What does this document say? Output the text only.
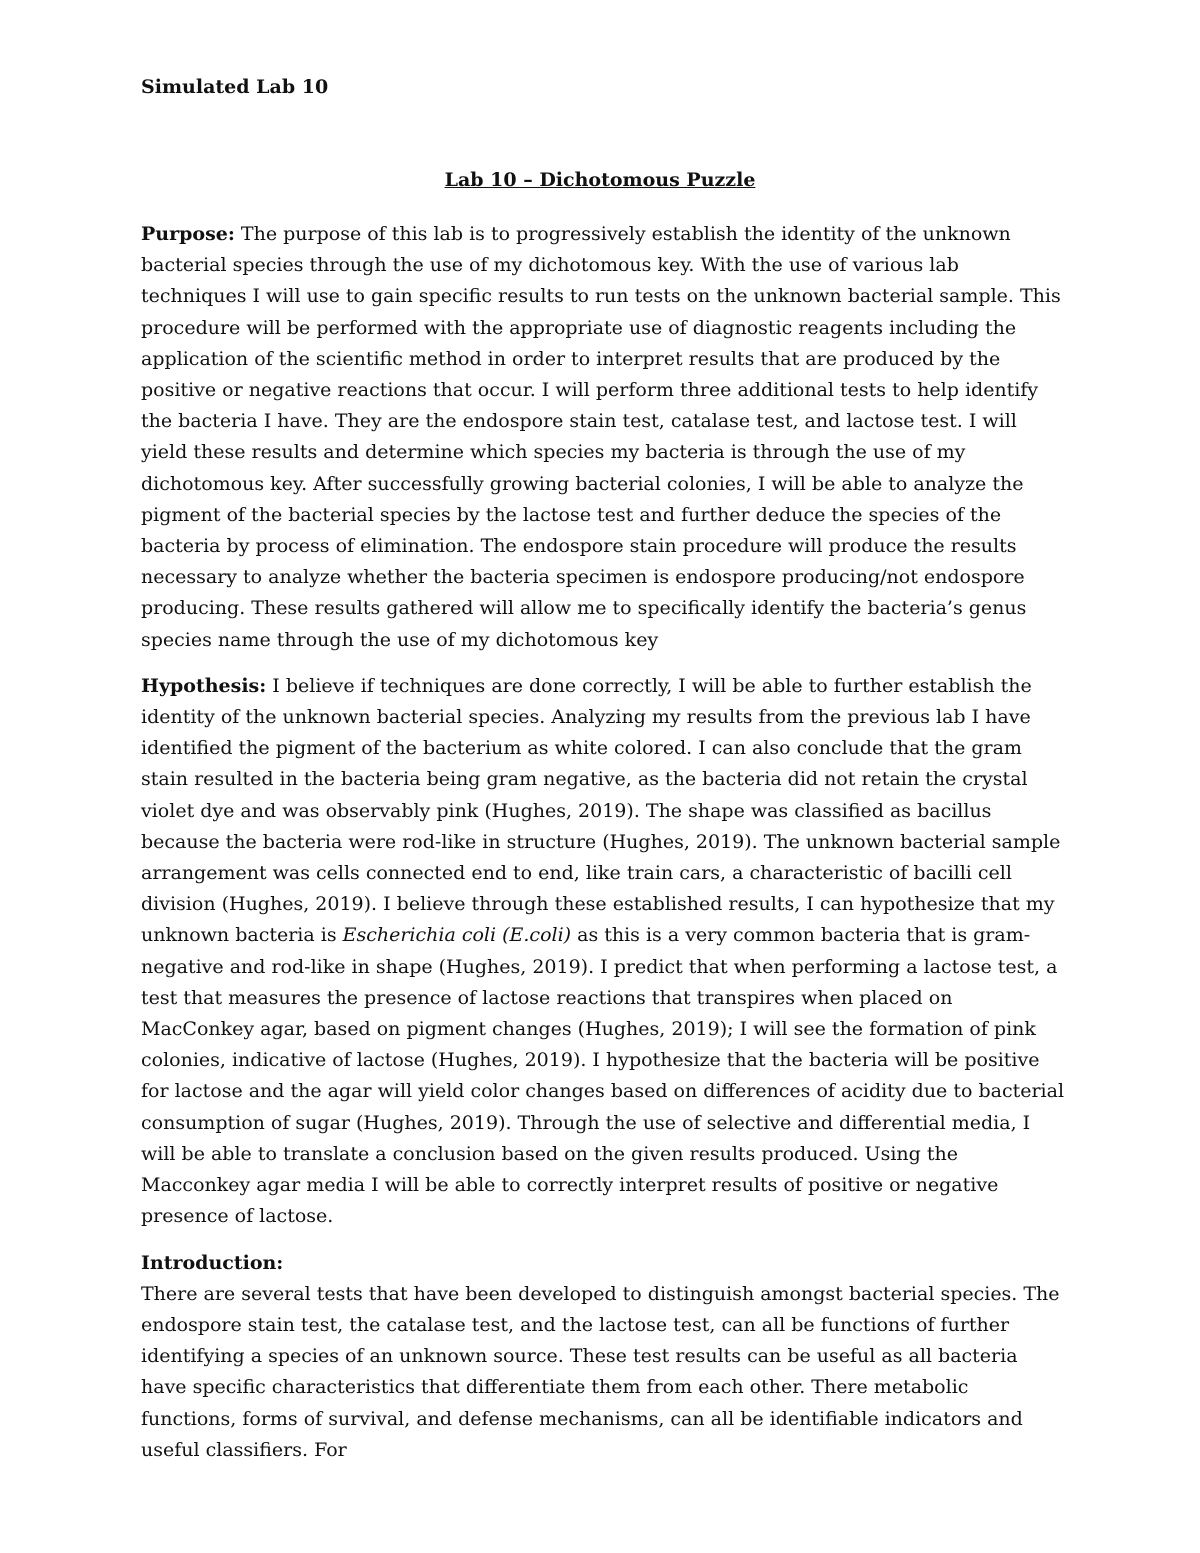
Simulated Lab 10
Lab 10 – Dichotomous Puzzle

Purpose: The purpose of this lab is to progressively establish the identity of the unknown bacterial species through the use of my dichotomous key. With the use of various lab techniques I will use to gain specific results to run tests on the unknown bacterial sample. This procedure will be performed with the appropriate use of diagnostic reagents including the application of the scientific method in order to interpret results that are produced by the positive or negative reactions that occur. I will perform three additional tests to help identify the bacteria I have. They are the endospore stain test, catalase test, and lactose test. I will yield these results and determine which species my bacteria is through the use of my dichotomous key. After successfully growing bacterial colonies, I will be able to analyze the pigment of the bacterial species by the lactose test and further deduce the species of the bacteria by process of elimination. The endospore stain procedure will produce the results necessary to analyze whether the bacteria specimen is endospore producing/not endospore producing. These results gathered will allow me to specifically identify the bacteria’s genus species name through the use of my dichotomous key

Hypothesis: I believe if techniques are done correctly, I will be able to further establish the identity of the unknown bacterial species. Analyzing my results from the previous lab I have identified the pigment of the bacterium as white colored. I can also conclude that the gram stain resulted in the bacteria being gram negative, as the bacteria did not retain the crystal violet dye and was observably pink (Hughes, 2019). The shape was classified as bacillus because the bacteria were rod-like in structure (Hughes, 2019). The unknown bacterial sample arrangement was cells connected end to end, like train cars, a characteristic of bacilli cell division (Hughes, 2019). I believe through these established results, I can hypothesize that my unknown bacteria is Escherichia coli (E.coli) as this is a very common bacteria that is gram-negative and rod-like in shape (Hughes, 2019). I predict that when performing a lactose test, a test that measures the presence of lactose reactions that transpires when placed on MacConkey agar, based on pigment changes (Hughes, 2019); I will see the formation of pink colonies, indicative of lactose (Hughes, 2019). I hypothesize that the bacteria will be positive for lactose and the agar will yield color changes based on differences of acidity due to bacterial consumption of sugar (Hughes, 2019). Through the use of selective and differential media, I will be able to translate a conclusion based on the given results produced. Using the Macconkey agar media I will be able to correctly interpret results of positive or negative presence of lactose.

Introduction:

There are several tests that have been developed to distinguish amongst bacterial species. The endospore stain test, the catalase test, and the lactose test, can all be functions of further identifying a species of an unknown source. These test results can be useful as all bacteria have specific characteristics that differentiate them from each other. There metabolic functions, forms of survival, and defense mechanisms, can all be identifiable indicators and useful classifiers. For
